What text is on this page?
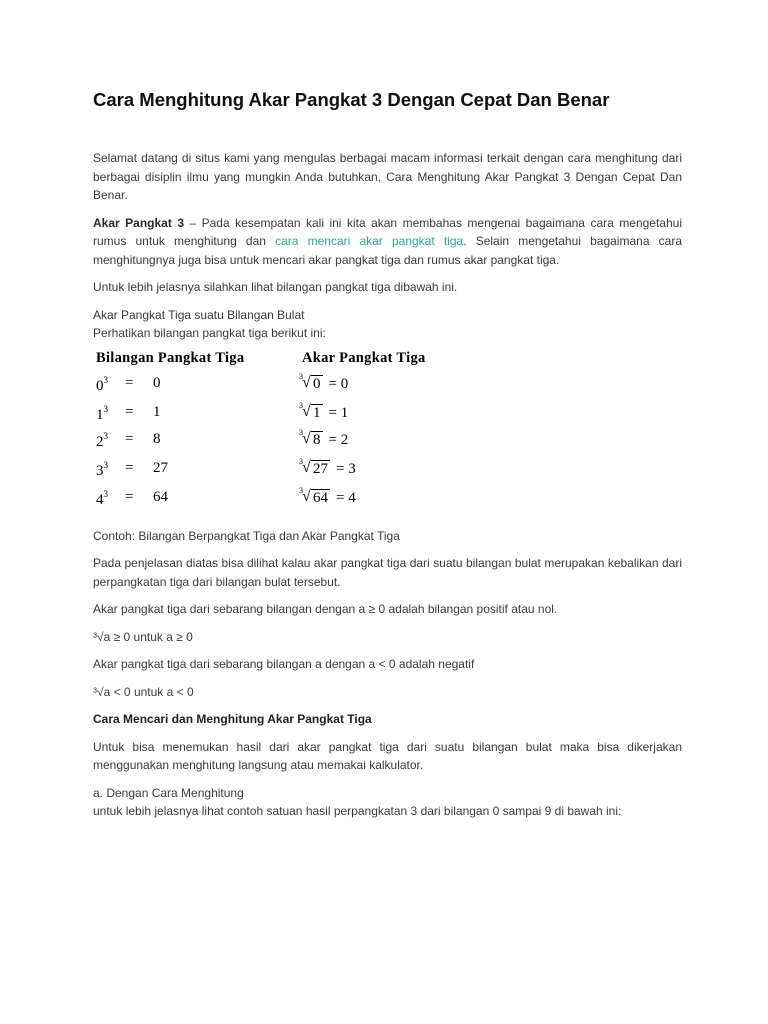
Cara Menghitung Akar Pangkat 3 Dengan Cepat Dan Benar

Selamat datang di situs kami yang mengulas berbagai macam informasi terkait dengan cara menghitung dari berbagai disiplin ilmu yang mungkin Anda butuhkan, Cara Menghitung Akar Pangkat 3 Dengan Cepat Dan Benar.

Akar Pangkat 3 – Pada kesempatan kali ini kita akan membahas mengenai bagaimana cara mengetahui rumus untuk menghitung dan cara mencari akar pangkat tiga. Selain mengetahui bagaimana cara menghitungnya juga bisa untuk mencari akar pangkat tiga dan rumus akar pangkat tiga.

Untuk lebih jelasnya silahkan lihat bilangan pangkat tiga dibawah ini.

Akar Pangkat Tiga suatu Bilangan Bulat
Perhatikan bilangan pangkat tiga berikut ini:

Bilangan Pangkat Tiga	Akar Pangkat Tiga
$0^3 = 0$	3 √ 0 = 0
$1^3 = 1$	3 √ 1 = 1
$2^3 = 8$	3 √ 8 = 2
$3^3 = 27$	3 √ 27 = 3
$4^3 = 64$	3 √ 64 = 4

Contoh: Bilangan Berpangkat Tiga dan Akar Pangkat Tiga

Pada penjelasan diatas bisa dilihat kalau akar pangkat tiga dari suatu bilangan bulat merupakan kebalikan dari perpangkatan tiga dari bilangan bulat tersebut.

Akar pangkat tiga dari sebarang bilangan dengan a ≥ 0 adalah bilangan positif atau nol.

³√a ≥ 0 untuk a ≥ 0

Akar pangkat tiga dari sebarang bilangan a dengan a < 0 adalah negatif

³√a < 0 untuk a < 0

Cara Mencari dan Menghitung Akar Pangkat Tiga

Untuk bisa menemukan hasil dari akar pangkat tiga dari suatu bilangan bulat maka bisa dikerjakan menggunakan menghitung langsung atau memakai kalkulator.

a. Dengan Cara Menghitung
untuk lebih jelasnya lihat contoh satuan hasil perpangkatan 3 dari bilangan 0 sampai 9 di bawah ini:
